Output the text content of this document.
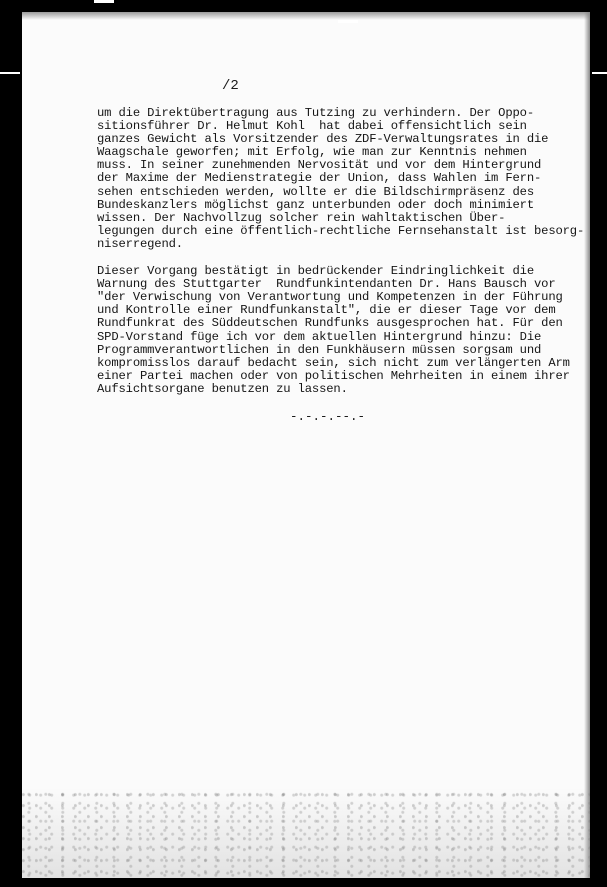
/2
um die Direktübertragung aus Tutzing zu verhindern. Der Oppo-
sitionsführer Dr. Helmut Kohl  hat dabei offensichtlich sein
ganzes Gewicht als Vorsitzender des ZDF-Verwaltungsrates in die
Waagschale geworfen; mit Erfolg, wie man zur Kenntnis nehmen
muss. In seiner zunehmenden Nervosität und vor dem Hintergrund
der Maxime der Medienstrategie der Union, dass Wahlen im Fern-
sehen entschieden werden, wollte er die Bildschirmpräsenz des
Bundeskanzlers möglichst ganz unterbunden oder doch minimiert
wissen. Der Nachvollzug solcher rein wahltaktischen Über-
legungen durch eine öffentlich-rechtliche Fernsehanstalt ist besorg-
niserregend.
Dieser Vorgang bestätigt in bedrückender Eindringlichkeit die
Warnung des Stuttgarter  Rundfunkintendanten Dr. Hans Bausch vor
"der Verwischung von Verantwortung und Kompetenzen in der Führung
und Kontrolle einer Rundfunkanstalt", die er dieser Tage vor dem
Rundfunkrat des Süddeutschen Rundfunks ausgesprochen hat. Für den
SPD-Vorstand füge ich vor dem aktuellen Hintergrund hinzu: Die
Programmverantwortlichen in den Funkhäusern müssen sorgsam und
kompromisslos darauf bedacht sein, sich nicht zum verlängerten Arm
einer Partei machen oder von politischen Mehrheiten in einem ihrer
Aufsichtsorgane benutzen zu lassen.
-.-.-.--.-
